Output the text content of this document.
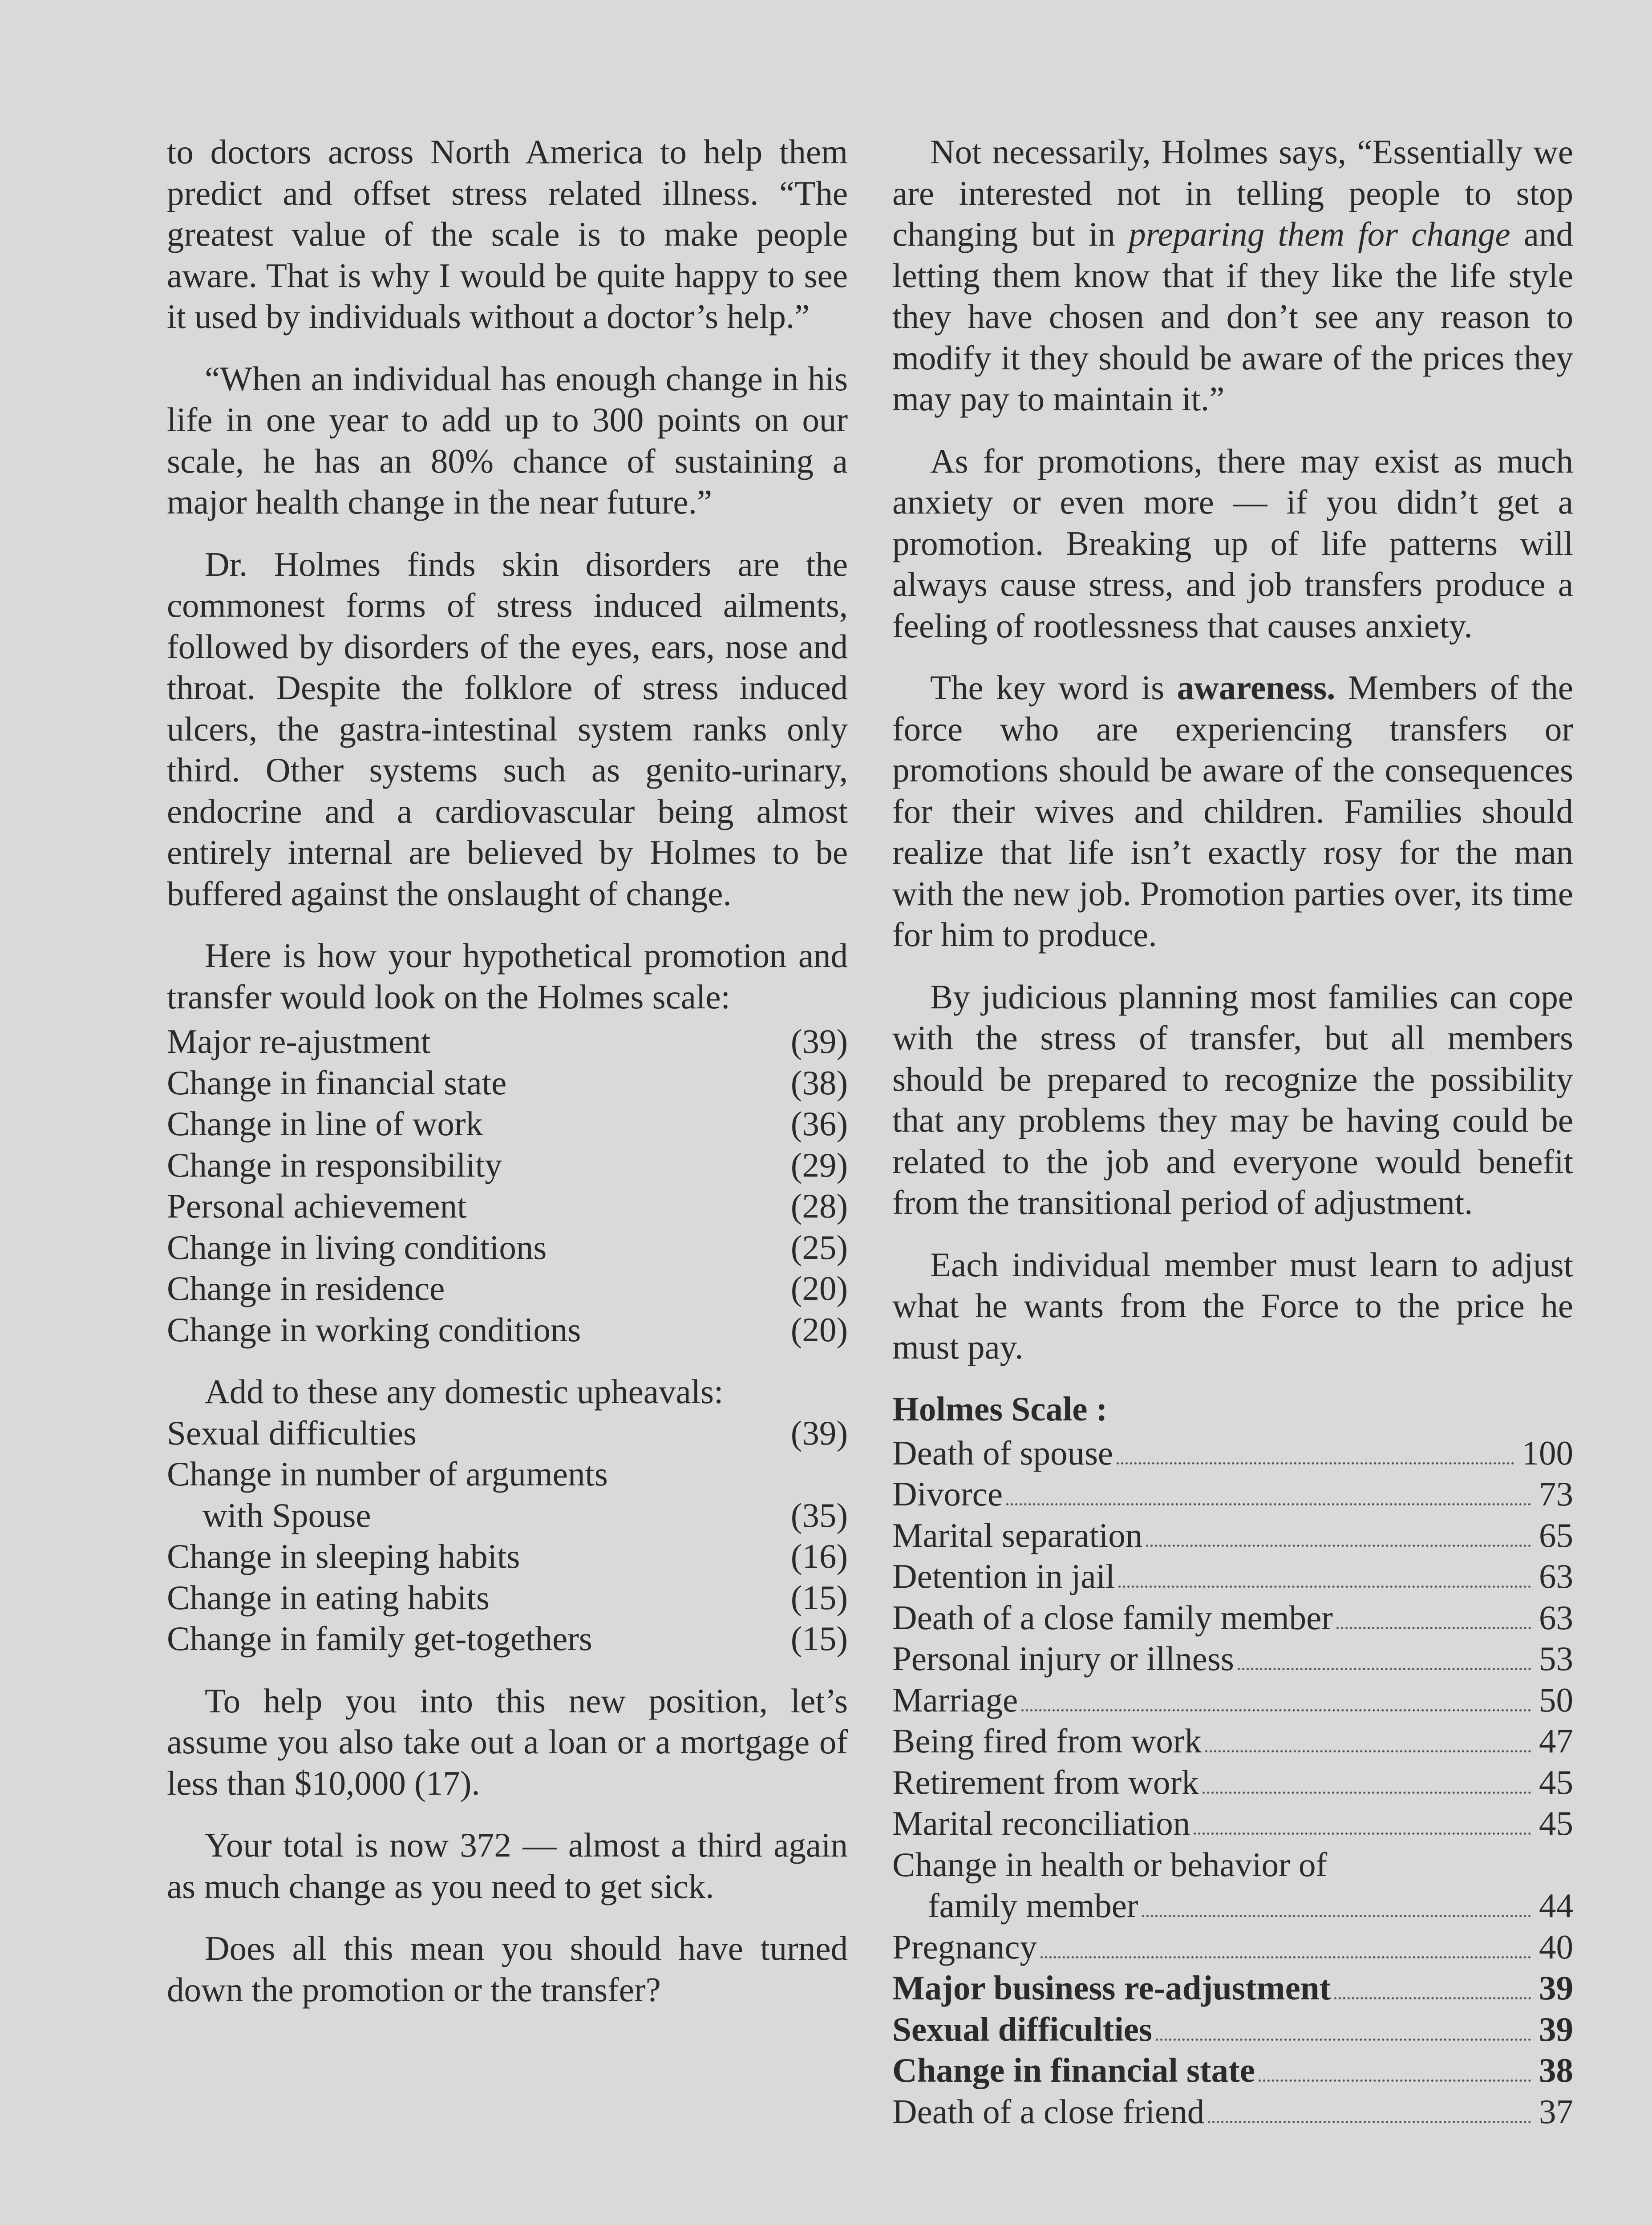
to doctors across North America to help them predict and offset stress related illness. “The greatest value of the scale is to make people aware. That is why I would be quite happy to see it used by individuals without a doctor’s help.”

“When an individual has enough change in his life in one year to add up to 300 points on our scale, he has an 80% chance of sustaining a major health change in the near future.”

Dr. Holmes finds skin disorders are the commonest forms of stress induced ailments, followed by disorders of the eyes, ears, nose and throat. Despite the folklore of stress induced ulcers, the gastra-intestinal system ranks only third. Other systems such as genito-urinary, endocrine and a cardiovascular being almost entirely internal are believed by Holmes to be buffered against the onslaught of change.

Here is how your hypothetical promotion and transfer would look on the Holmes scale:

Major re-ajustment	(39)
Change in financial state	(38)
Change in line of work	(36)
Change in responsibility	(29)
Personal achievement	(28)
Change in living conditions	(25)
Change in residence	(20)
Change in working conditions	(20)
Add to these any domestic upheavals:
Sexual difficulties	(39)
Change in number of arguments
with Spouse	(35)
Change in sleeping habits	(16)
Change in eating habits	(15)
Change in family get-togethers	(15)

To help you into this new position, let’s assume you also take out a loan or a mortgage of less than $10,000 (17).

Your total is now 372 — almost a third again as much change as you need to get sick.

Does all this mean you should have turned down the promotion or the transfer?

Not necessarily, Holmes says, “Essentially we are interested not in telling people to stop changing but in preparing them for change and letting them know that if they like the life style they have chosen and don’t see any reason to modify it they should be aware of the prices they may pay to maintain it.”

As for promotions, there may exist as much anxiety or even more — if you didn’t get a promotion. Breaking up of life patterns will always cause stress, and job transfers produce a feeling of rootlessness that causes anxiety.

The key word is awareness. Members of the force who are experiencing transfers or promotions should be aware of the consequences for their wives and children. Families should realize that life isn’t exactly rosy for the man with the new job. Promotion parties over, its time for him to produce.

By judicious planning most families can cope with the stress of transfer, but all members should be prepared to recognize the possibility that any problems they may be having could be related to the job and everyone would benefit from the transitional period of adjustment.

Each individual member must learn to adjust what he wants from the Force to the price he must pay.

Holmes Scale :
Death of spouse	100
Divorce	73
Marital separation	65
Detention in jail	63
Death of a close family member	63
Personal injury or illness	53
Marriage	50
Being fired from work	47
Retirement from work	45
Marital reconciliation	45
Change in health or behavior of
family member	44
Pregnancy	40
Major business re-adjustment	39
Sexual difficulties	39
Change in financial state	38
Death of a close friend	37
